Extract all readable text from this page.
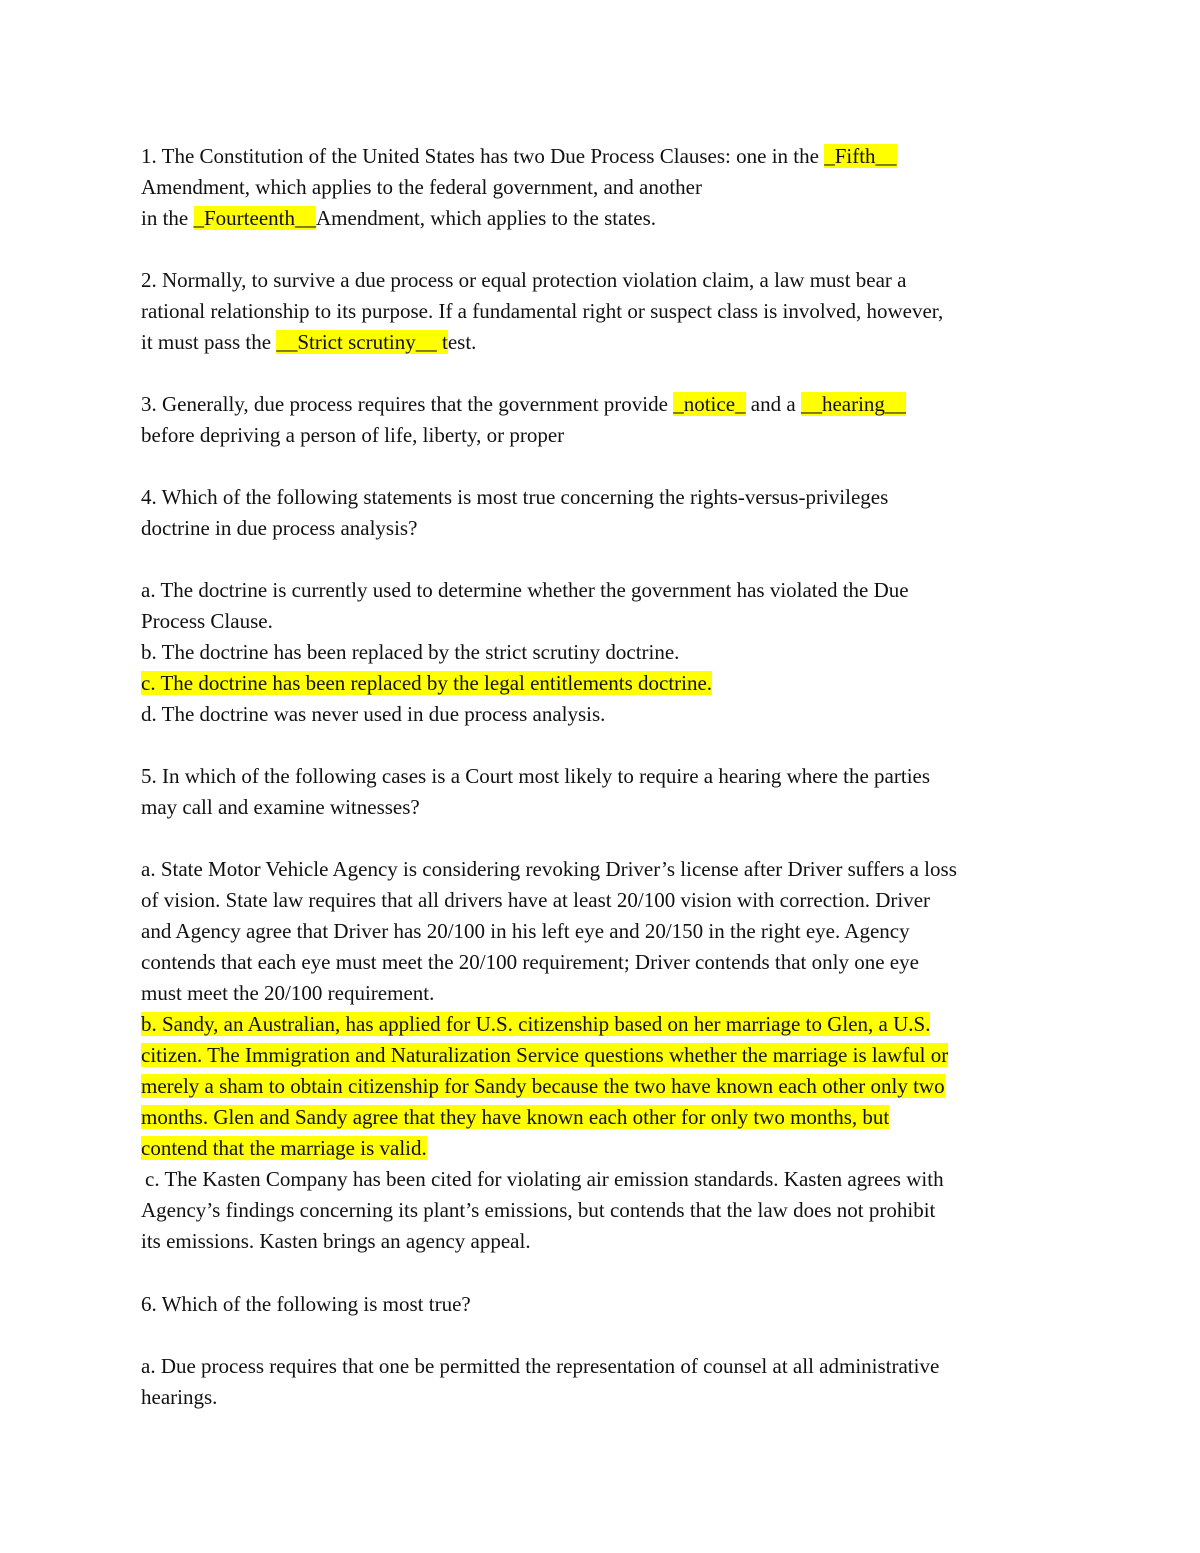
1. The Constitution of the United States has two Due Process Clauses: one in the _Fifth__
Amendment, which applies to the federal government, and another
in the _Fourteenth__Amendment, which applies to the states.
2. Normally, to survive a due process or equal protection violation claim, a law must bear a
rational relationship to its purpose. If a fundamental right or suspect class is involved, however,
it must pass the __Strict scrutiny__ test.
3. Generally, due process requires that the government provide _notice_ and a __hearing__
before depriving a person of life, liberty, or proper
4. Which of the following statements is most true concerning the rights-versus-privileges
doctrine in due process analysis?
a. The doctrine is currently used to determine whether the government has violated the Due
Process Clause.
b. The doctrine has been replaced by the strict scrutiny doctrine.
c. The doctrine has been replaced by the legal entitlements doctrine.
d. The doctrine was never used in due process analysis.
5. In which of the following cases is a Court most likely to require a hearing where the parties
may call and examine witnesses?
a. State Motor Vehicle Agency is considering revoking Driver’s license after Driver suffers a loss
of vision. State law requires that all drivers have at least 20/100 vision with correction. Driver
and Agency agree that Driver has 20/100 in his left eye and 20/150 in the right eye. Agency
contends that each eye must meet the 20/100 requirement; Driver contends that only one eye
must meet the 20/100 requirement.
b. Sandy, an Australian, has applied for U.S. citizenship based on her marriage to Glen, a U.S.
citizen. The Immigration and Naturalization Service questions whether the marriage is lawful or
merely a sham to obtain citizenship for Sandy because the two have known each other only two
months. Glen and Sandy agree that they have known each other for only two months, but
contend that the marriage is valid.
c. The Kasten Company has been cited for violating air emission standards. Kasten agrees with
Agency’s findings concerning its plant’s emissions, but contends that the law does not prohibit
its emissions. Kasten brings an agency appeal.
6. Which of the following is most true?
a. Due process requires that one be permitted the representation of counsel at all administrative
hearings.
